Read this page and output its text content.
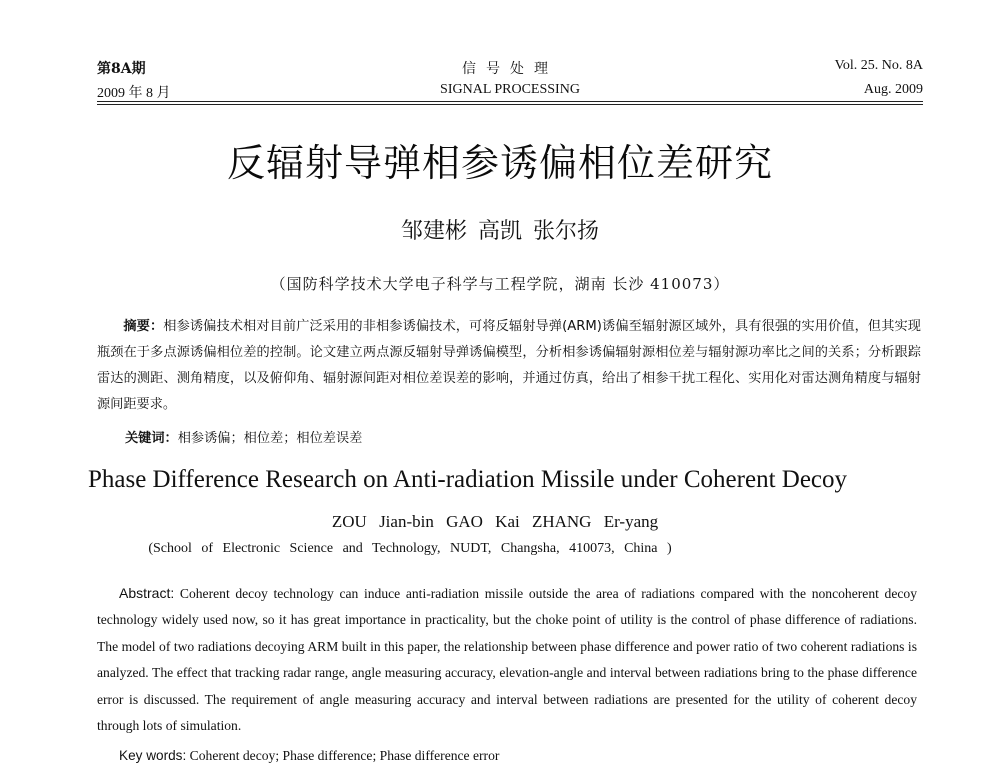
第8A期	信号处理	Vol. 25. No. 8A
2009 年 8 月	SIGNAL PROCESSING	Aug. 2009
反辐射导弹相参诱偏相位差研究
邹建彬 高凯 张尔扬
（国防科学技术大学电子科学与工程学院，湖南 长沙 410073）

摘要：相参诱偏技术相对目前广泛采用的非相参诱偏技术，可将反辐射导弹(ARM)诱偏至辐射源区域外，具有很强的实用价值，但其实现瓶颈在于多点源诱偏相位差的控制。论文建立两点源反辐射导弹诱偏模型，分析相参诱偏辐射源相位差与辐射源功率比之间的关系；分析跟踪雷达的测距、测角精度，以及俯仰角、辐射源间距对相位差误差的影响，并通过仿真，给出了相参干扰工程化、实用化对雷达测角精度与辐射源间距要求。

关键词：相参诱偏；相位差；相位差误差
Phase Difference Research on Anti-radiation Missile under Coherent Decoy
ZOU Jian-bin GAO Kai ZHANG Er-yang
(School of Electronic Science and Technology, NUDT, Changsha, 410073, China )

Abstract: Coherent decoy technology can induce anti-radiation missile outside the area of radiations compared with the noncoherent decoy technology widely used now, so it has great importance in practicality, but the choke point of utility is the control of phase difference of radiations. The model of two radiations decoying ARM built in this paper, the relationship between phase difference and power ratio of two coherent radiations is analyzed. The effect that tracking radar range, angle measuring accuracy, elevation-angle and interval between radiations bring to the phase difference error is discussed. The requirement of angle measuring accuracy and interval between radiations are presented for the utility of coherent decoy through lots of simulation.

Key words: Coherent decoy; Phase difference; Phase difference error
